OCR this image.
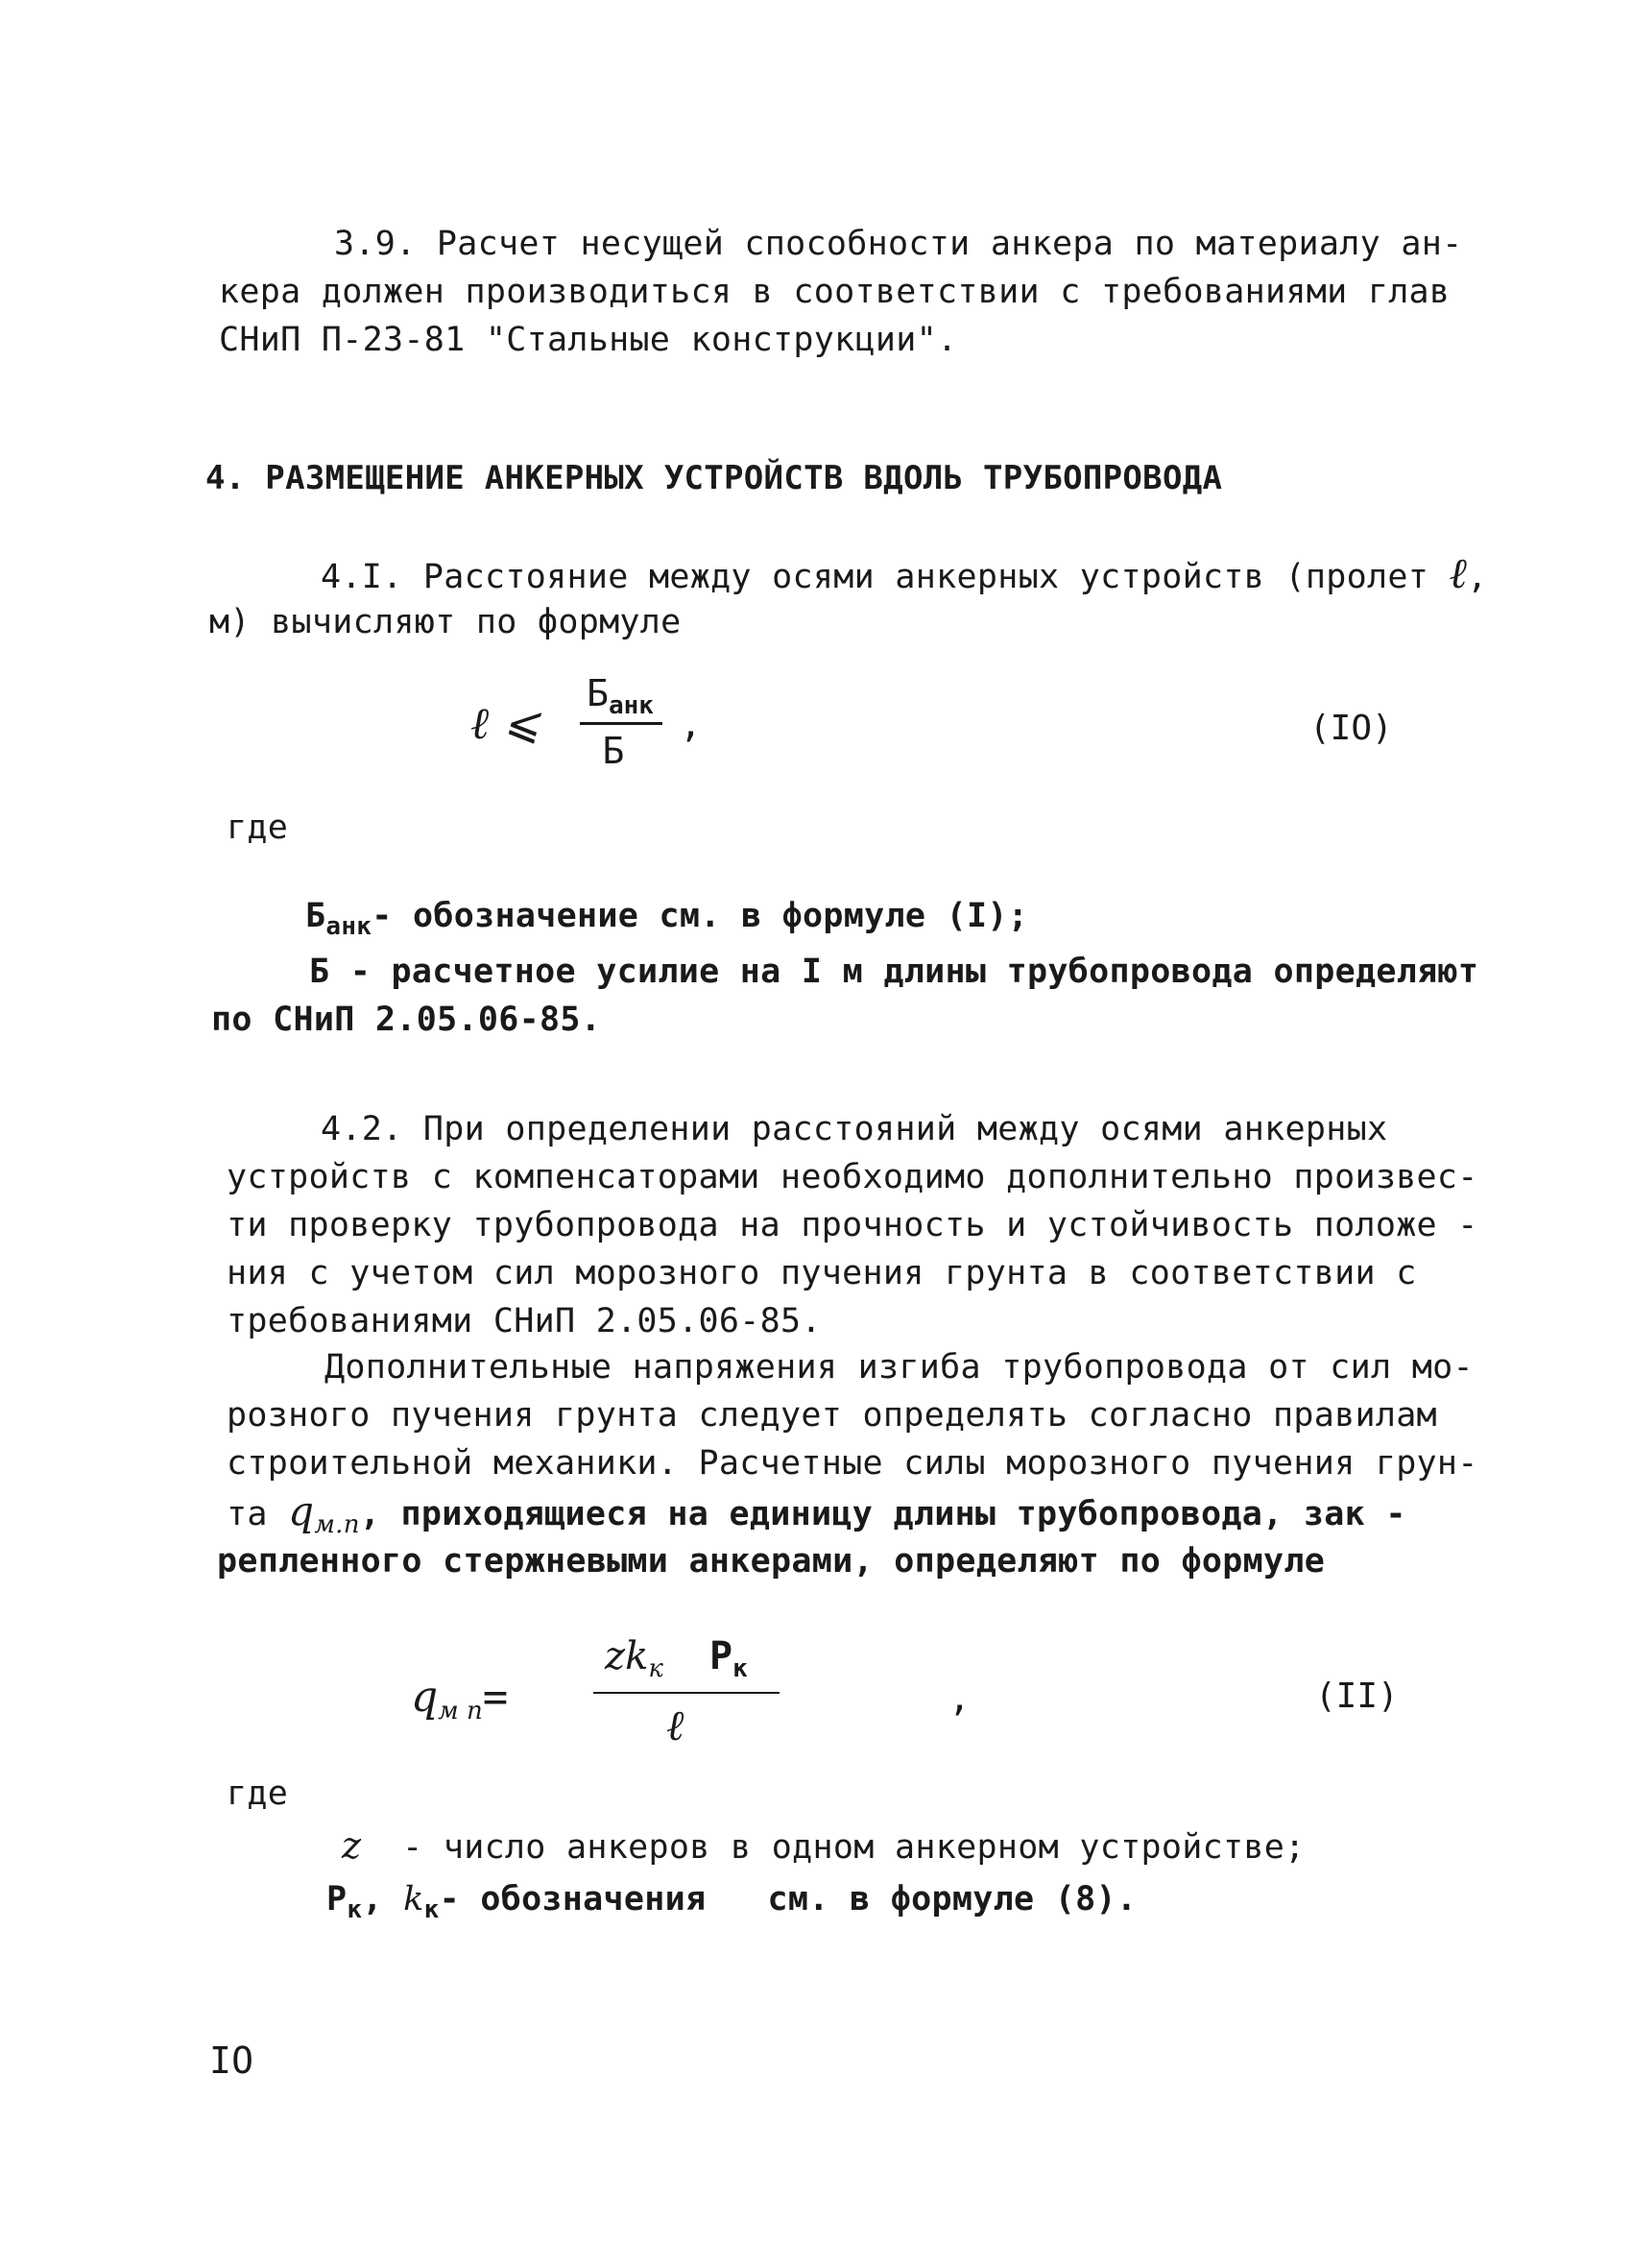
3.9. Расчет несущей способности анкера по материалу ан-
кера должен производиться в соответствии с требованиями глав
СНиП П-23-81 "Стальные конструкции".
4. РАЗМЕЩЕНИЕ АНКЕРНЫХ УСТРОЙСТВ ВДОЛЬ ТРУБОПРОВОДА
4.I. Расстояние между осями анкерных устройств (пролет ℓ,
м) вычисляют по формуле
ℓ ⩽
$Б_{анк}$
Б
,	(IO)
где
$Б_{анк}-$ обозначение см. в формуле (I);
Б - расчетное усилие на I м длины трубопровода определяют
по СНиП 2.05.06-85.
4.2. При определении расстояний между осями анкерных
устройств с компенсаторами необходимо дополнительно произвес-
ти проверку трубопровода на прочность и устойчивость положе -
ния с учетом сил морозного пучения грунта в соответствии с
требованиями СНиП 2.05.06-85.
Дополнительные напряжения изгиба трубопровода от сил мо-
розного пучения грунта следует определять согласно правилам
строительной механики. Расчетные силы морозного пучения грун-
та $q_{м.п}$, приходящиеся на единицу длины трубопровода, зак -
репленного стержневыми анкерами, определяют по формуле
$q_{м п}=$
$zk_к$ $P_к$
ℓ
,	(II)
где
z - число анкеров в одном анкерном устройстве;
$P_к$, $k_к-$ обозначения   см. в формуле (8).
IO
